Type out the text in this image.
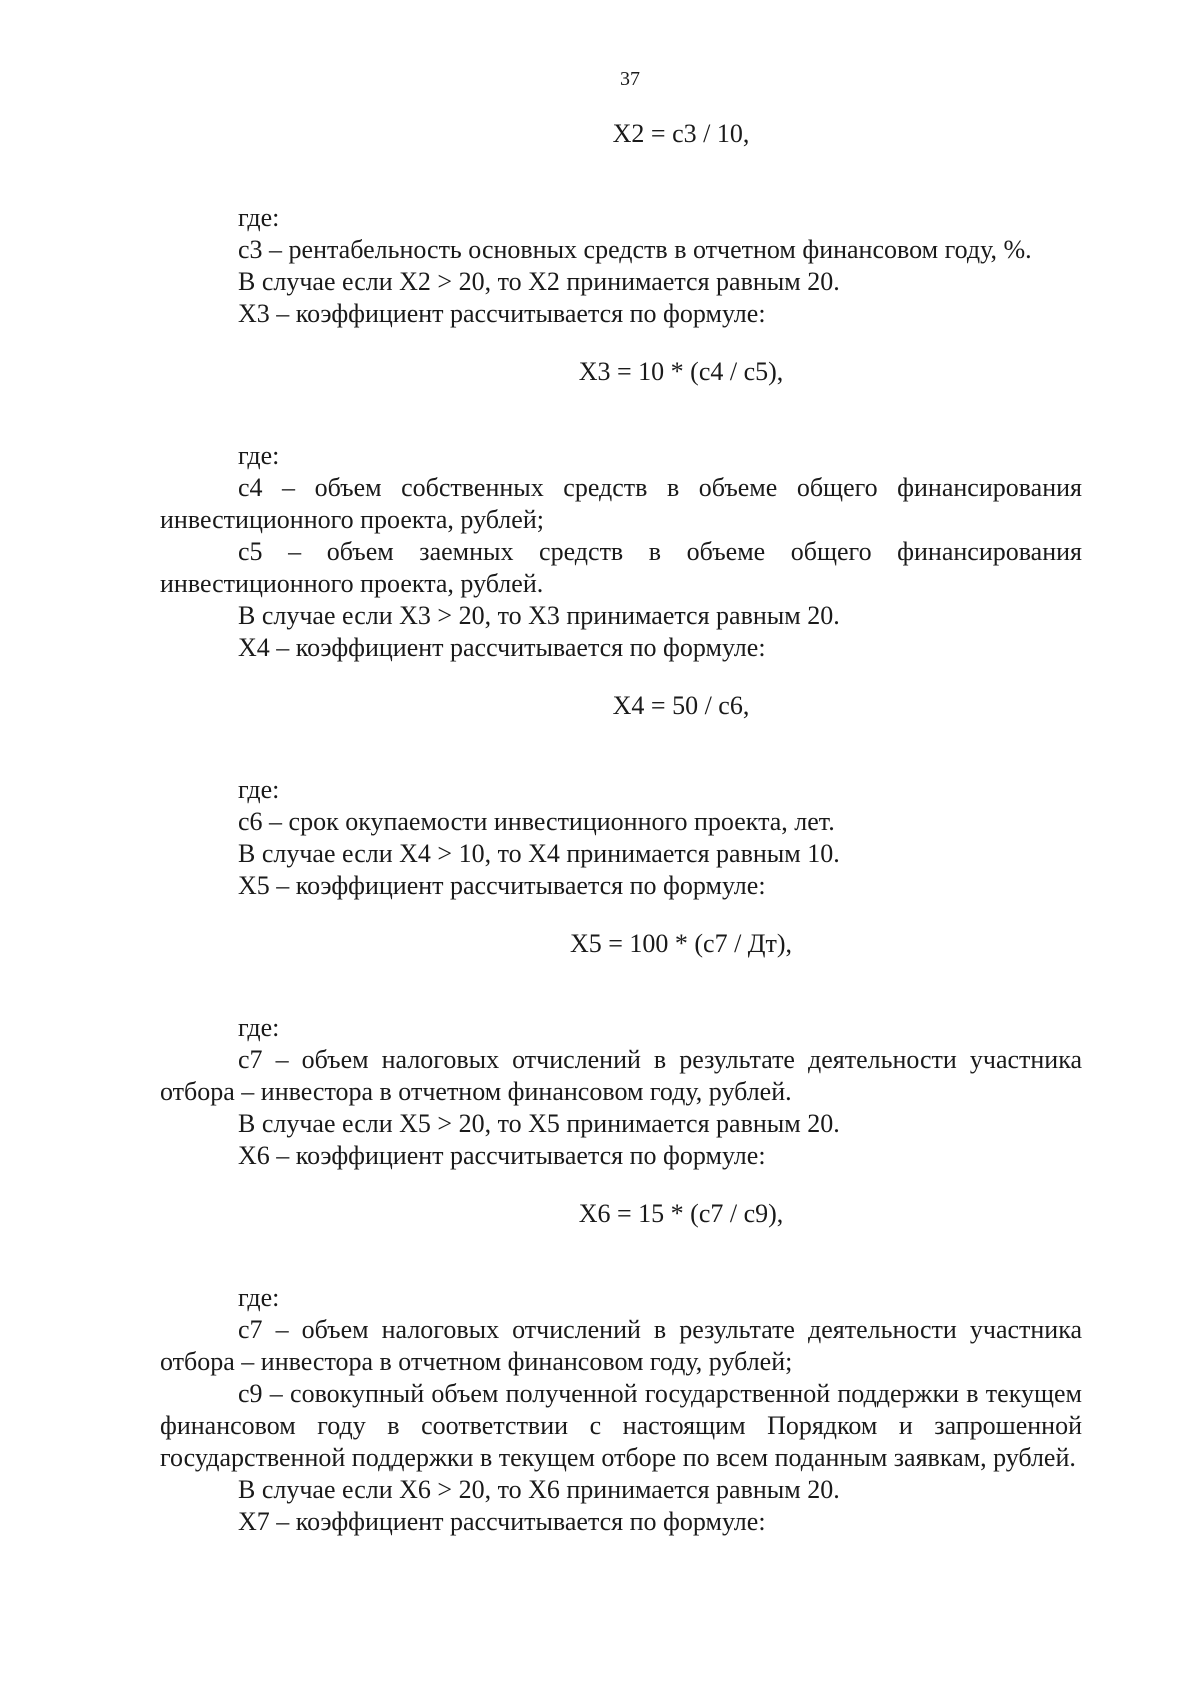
37
X2 = c3 / 10,
где:
c3 – рентабельность основных средств в отчетном финансовом году, %.
В случае если X2 > 20, то X2 принимается равным 20.
X3 – коэффициент рассчитывается по формуле:
X3 = 10 * (c4 / c5),
где:
c4 – объем собственных средств в объеме общего финансирования инвестиционного проекта, рублей;
c5 – объем заемных средств в объеме общего финансирования инвестиционного проекта, рублей.
В случае если X3 > 20, то X3 принимается равным 20.
X4 – коэффициент рассчитывается по формуле:
X4 = 50 / c6,
где:
c6 – срок окупаемости инвестиционного проекта, лет.
В случае если X4 > 10, то X4 принимается равным 10.
X5 – коэффициент рассчитывается по формуле:
X5 = 100 * (c7 / Дт),
где:
c7 – объем налоговых отчислений в результате деятельности участника отбора – инвестора в отчетном финансовом году, рублей.
В случае если X5 > 20, то X5 принимается равным 20.
X6 – коэффициент рассчитывается по формуле:
X6 = 15 * (c7 / c9),
где:
c7 – объем налоговых отчислений в результате деятельности участника отбора – инвестора в отчетном финансовом году, рублей;
c9 – совокупный объем полученной государственной поддержки в текущем финансовом году в соответствии с настоящим Порядком и запрошенной государственной поддержки в текущем отборе по всем поданным заявкам, рублей.
В случае если X6 > 20, то X6 принимается равным 20.
X7 – коэффициент рассчитывается по формуле:
